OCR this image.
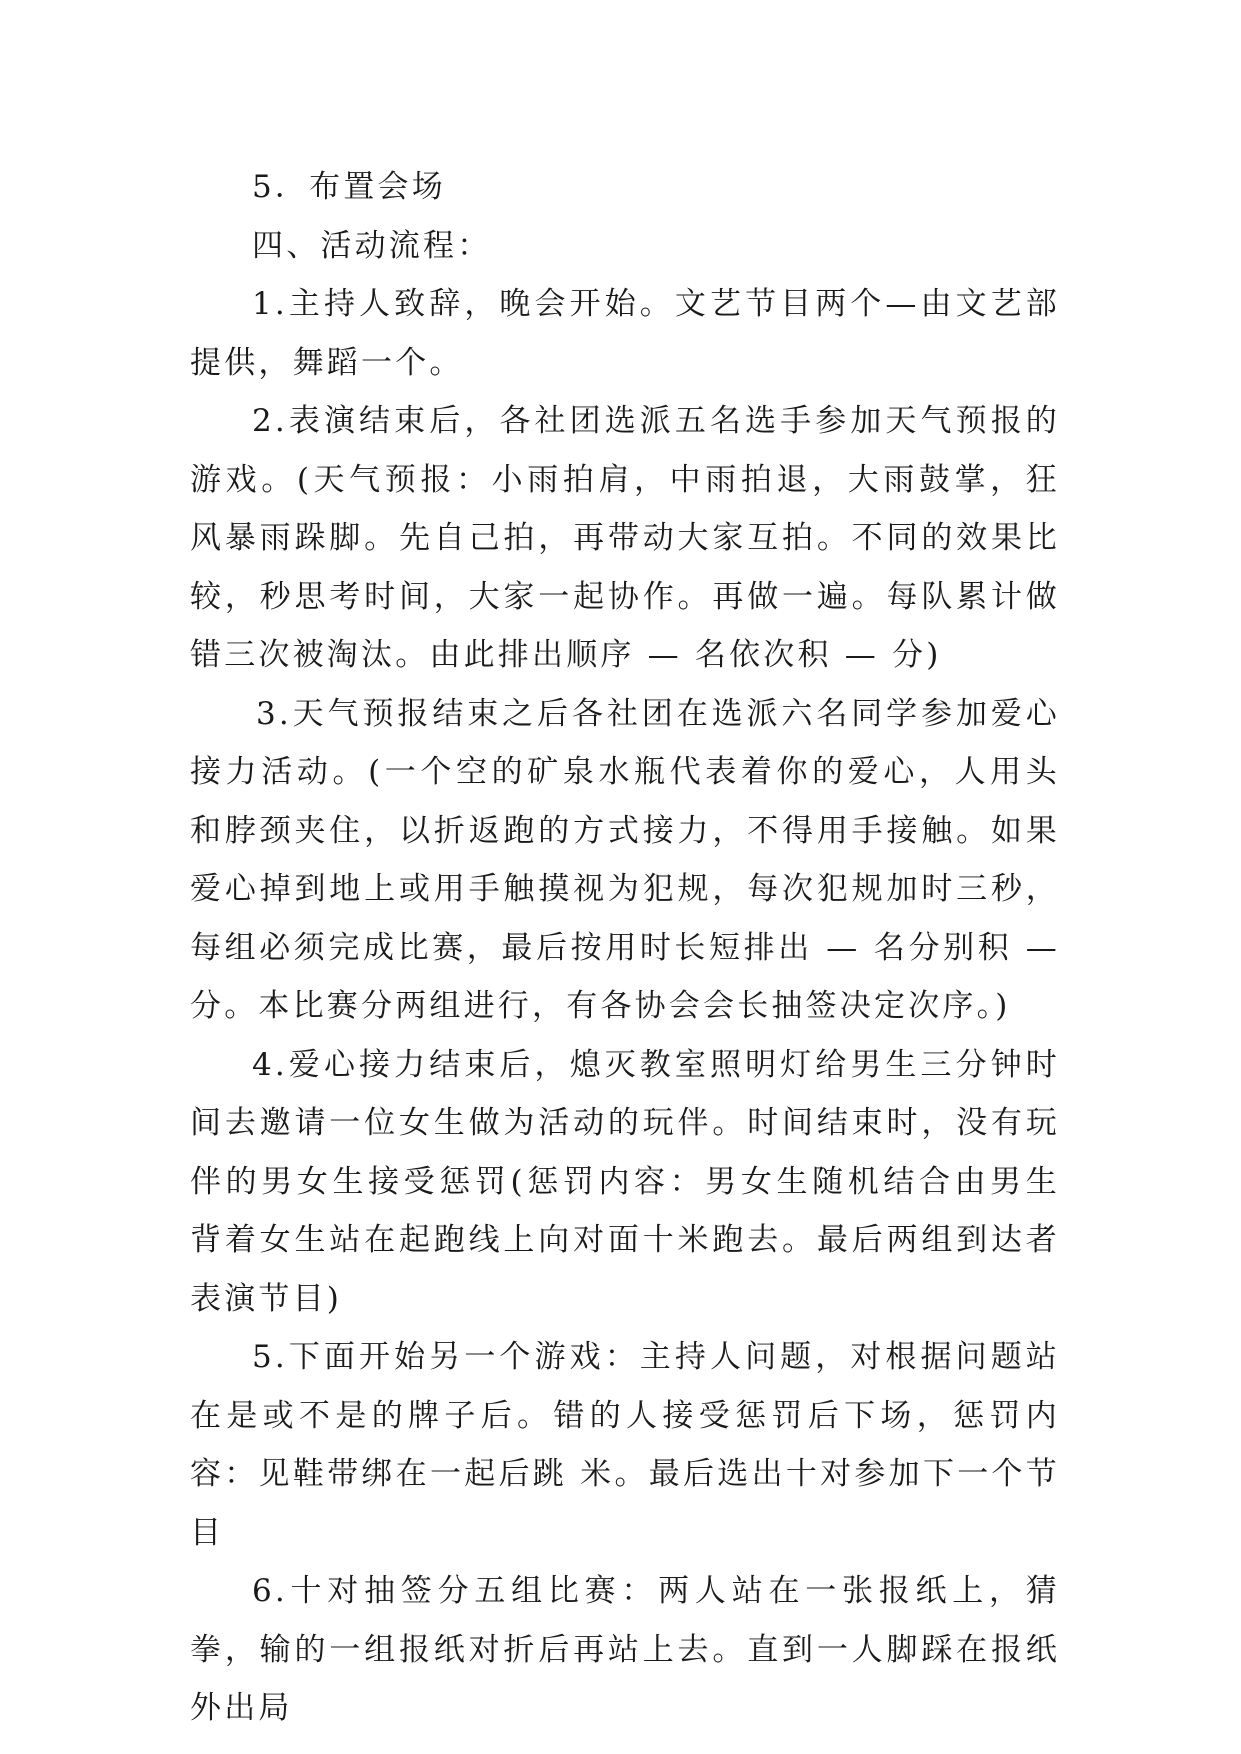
5．布置会场

四、活动流程：

1.主持人致辞，晚会开始。文艺节目两个—由文艺部提供，舞蹈一个。

2.表演结束后，各社团选派五名选手参加天气预报的游戏。(天气预报：小雨拍肩，中雨拍退，大雨鼓掌，狂风暴雨跺脚。先自己拍，再带动大家互拍。不同的效果比较，秒思考时间，大家一起协作。再做一遍。每队累计做错三次被淘汰。由此排出顺序 — 名依次积 — 分)

3.天气预报结束之后各社团在选派六名同学参加爱心接力活动。(一个空的矿泉水瓶代表着你的爱心，人用头和脖颈夹住，以折返跑的方式接力，不得用手接触。如果爱心掉到地上或用手触摸视为犯规，每次犯规加时三秒，每组必须完成比赛，最后按用时长短排出 — 名分别积 — 分。本比赛分两组进行，有各协会会长抽签决定次序。)

4.爱心接力结束后，熄灭教室照明灯给男生三分钟时间去邀请一位女生做为活动的玩伴。时间结束时，没有玩伴的男女生接受惩罚(惩罚内容：男女生随机结合由男生背着女生站在起跑线上向对面十米跑去。最后两组到达者表演节目)

5.下面开始另一个游戏：主持人问题，对根据问题站在是或不是的牌子后。错的人接受惩罚后下场，惩罚内容：见鞋带绑在一起后跳 米。最后选出十对参加下一个节目

6.十对抽签分五组比赛：两人站在一张报纸上，猜拳，输的一组报纸对折后再站上去。直到一人脚踩在报纸外出局
